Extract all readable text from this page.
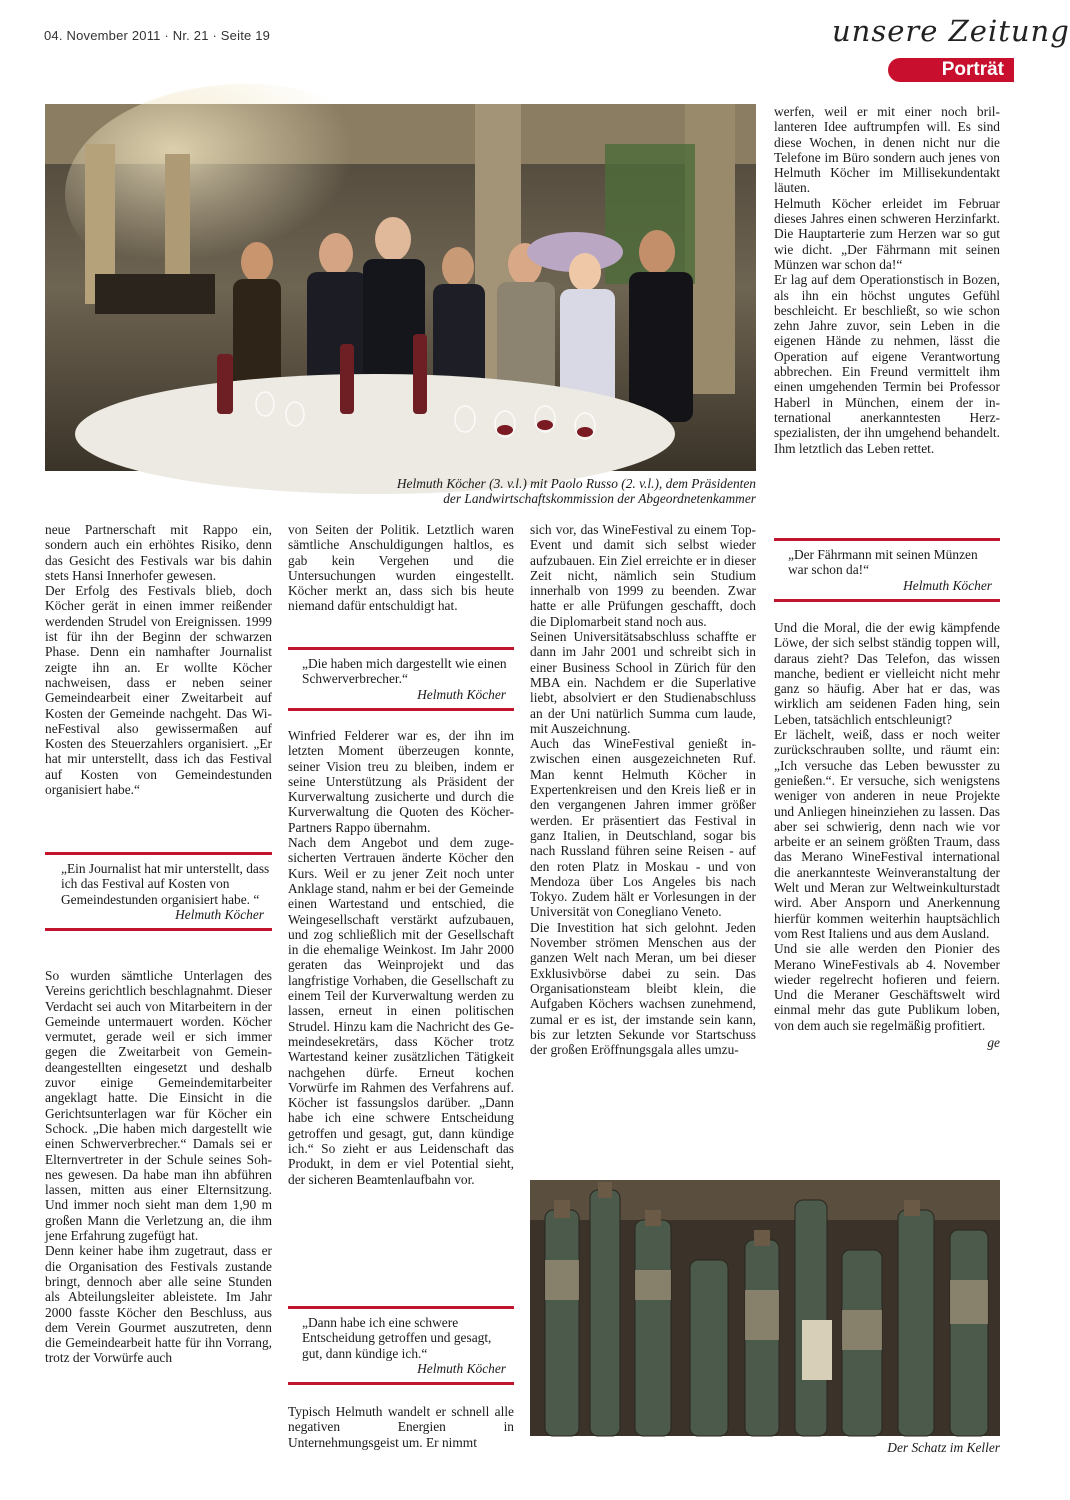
04. November 2011 · Nr. 21 · Seite 19	unsere Zeitung
Porträt
Helmuth Köcher (3. v.l.) mit Paolo Russo (2. v.l.), dem Präsidenten
der Landwirtschaftskommission der Abgeordnetenkammer

neue Partnerschaft mit Rappo ein, sondern auch ein erhöhtes Risiko, denn das Gesicht des Festivals war bis dahin stets Hansi Innerhofer gewesen.

Der Erfolg des Festivals blieb, doch Köcher gerät in einen immer reißender werdenden Strudel von Ereignissen. 1999 ist für ihn der Beginn der schwarzen Phase. Denn ein namhafter Journalist zeigte ihn an. Er wollte Köcher nachweisen, dass er neben seiner Gemeindearbeit einer Zweitarbeit auf Kosten der Gemeinde nachgeht. Das WineFestival also gewissermaßen auf Kosten des Steuerzahlers organisiert. „Er hat mir unterstellt, dass ich das Festival auf Kosten von Gemeindestunden organisiert habe.“

„Ein Journalist hat mir unterstellt, dass ich das Festival auf Kosten von Gemeindestunden organisiert habe. “
Helmuth Köcher

So wurden sämtliche Unterlagen des Vereins gerichtlich beschlagnahmt. Dieser Verdacht sei auch von Mitarbeitern in der Gemeinde untermauert worden. Köcher vermutet, gerade weil er sich immer gegen die Zweitarbeit von Gemeindeangestellten eingesetzt und deshalb zuvor einige Gemeindemitarbeiter angeklagt hatte. Die Einsicht in die Gerichtsunterlagen war für Köcher ein Schock. „Die haben mich dargestellt wie einen Schwerverbrecher.“ Damals sei er Elternvertreter in der Schule seines Sohnes gewesen. Da habe man ihn abführen lassen, mitten aus einer Elternsitzung. Und immer noch sieht man dem 1,90 m großen Mann die Verletzung an, die ihm jene Erfahrung zugefügt hat.

Denn keiner habe ihm zugetraut, dass er die Organisation des Festivals zustande bringt, dennoch aber alle seine Stunden als Abteilungsleiter ableistete. Im Jahr 2000 fasste Köcher den Beschluss, aus dem Verein Gourmet auszutreten, denn die Gemeindearbeit hatte für ihn Vorrang, trotz der Vorwürfe auch

von Seiten der Politik. Letztlich waren sämtliche Anschuldigungen haltlos, es gab kein Vergehen und die Untersuchungen wurden eingestellt. Köcher merkt an, dass sich bis heute niemand dafür entschuldigt hat.

„Die haben mich dargestellt wie einen Schwerverbrecher.“
Helmuth Köcher

Winfried Felderer war es, der ihn im letzten Moment überzeugen konnte, seiner Vision treu zu bleiben, indem er seine Unterstützung als Präsident der Kurverwaltung zusicherte und durch die Kurverwaltung die Quoten des Köcher-Partners Rappo übernahm.

Nach dem Angebot und dem zugesicherten Vertrauen änderte Köcher den Kurs. Weil er zu jener Zeit noch unter Anklage stand, nahm er bei der Gemeinde einen Wartestand und entschied, die Weingesellschaft verstärkt aufzubauen, und zog schließlich mit der Gesellschaft in die ehemalige Weinkost. Im Jahr 2000 geraten das Weinprojekt und das langfristige Vorhaben, die Gesellschaft zu einem Teil der Kurverwaltung werden zu lassen, erneut in einen politischen Strudel. Hinzu kam die Nachricht des Gemeindesekretärs, dass Köcher trotz Wartestand keiner zusätzlichen Tätigkeit nachgehen dürfe. Erneut kochen Vorwürfe im Rahmen des Verfahrens auf. Köcher ist fassungslos darüber. „Dann habe ich eine schwere Entscheidung getroffen und gesagt, gut, dann kündige ich.“ So zieht er aus Leidenschaft das Produkt, in dem er viel Potential sieht, der sicheren Beamtenlaufbahn vor.

„Dann habe ich eine schwere Entscheidung getroffen und gesagt, gut, dann kündige ich.“
Helmuth Köcher

Typisch Helmuth wandelt er schnell alle negativen Energien in Unternehmungsgeist um. Er nimmt

sich vor, das WineFestival zu einem Top-Event und damit sich selbst wieder aufzubauen. Ein Ziel erreichte er in dieser Zeit nicht, nämlich sein Studium innerhalb von 1999 zu beenden. Zwar hatte er alle Prüfungen geschafft, doch die Diplomarbeit stand noch aus.

Seinen Universitätsabschluss schaffte er dann im Jahr 2001 und schreibt sich in einer Business School in Zürich für den MBA ein. Nachdem er die Superlative liebt, absolviert er den Studienabschluss an der Uni natürlich Summa cum laude, mit Auszeichnung.

Auch das WineFestival genießt inzwischen einen ausgezeichneten Ruf. Man kennt Helmuth Köcher in Expertenkreisen und den Kreis ließ er in den vergangenen Jahren immer größer werden. Er präsentiert das Festival in ganz Italien, in Deutschland, sogar bis nach Russland führen seine Reisen - auf den roten Platz in Moskau - und von Mendoza über Los Angeles bis nach Tokyo. Zudem hält er Vorlesungen in der Universität von Conegliano Veneto.

Die Investition hat sich gelohnt. Jeden November strömen Menschen aus der ganzen Welt nach Meran, um bei dieser Exklusivbörse dabei zu sein. Das Organisationsteam bleibt klein, die Aufgaben Köchers wachsen zunehmend, zumal er es ist, der imstande sein kann, bis zur letzten Sekunde vor Startschuss der großen Eröffnungsgala alles umzu-

werfen, weil er mit einer noch brillanteren Idee auftrumpfen will. Es sind diese Wochen, in denen nicht nur die Telefone im Büro sondern auch jenes von Helmuth Köcher im Millisekundentakt läuten.

Helmuth Köcher erleidet im Februar dieses Jahres einen schweren Herzinfarkt. Die Hauptarterie zum Herzen war so gut wie dicht. „Der Fährmann mit seinen Münzen war schon da!“

Er lag auf dem Operationstisch in Bozen, als ihn ein höchst ungutes Gefühl beschleicht. Er beschließt, so wie schon zehn Jahre zuvor, sein Leben in die eigenen Hände zu nehmen, lässt die Operation auf eigene Verantwortung abbrechen. Ein Freund vermittelt ihm einen umgehenden Termin bei Professor Haberl in München, einem der international anerkanntesten Herzspezialisten, der ihn umgehend behandelt. Ihm letztlich das Leben rettet.

„Der Fährmann mit seinen Münzen war schon da!“
Helmuth Köcher

Und die Moral, die der ewig kämpfende Löwe, der sich selbst ständig toppen will, daraus zieht? Das Telefon, das wissen manche, bedient er vielleicht nicht mehr ganz so häufig. Aber hat er das, was wirklich am seidenen Faden hing, sein Leben, tatsächlich entschleunigt?

Er lächelt, weiß, dass er noch weiter zurückschrauben sollte, und räumt ein: „Ich versuche das Leben bewusster zu genießen.“. Er versuche, sich wenigstens weniger von anderen in neue Projekte und Anliegen hineinziehen zu lassen. Das aber sei schwierig, denn nach wie vor arbeite er an seinem größten Traum, dass das Merano WineFestival international die anerkannteste Weinveranstaltung der Welt und Meran zur Weltweinkulturstadt wird. Aber Ansporn und Anerkennung hierfür kommen weiterhin hauptsächlich vom Rest Italiens und aus dem Ausland.

Und sie alle werden den Pionier des Merano WineFestivals ab 4. November wieder regelrecht hofieren und feiern. Und die Meraner Geschäftswelt wird einmal mehr das gute Publikum loben, von dem auch sie regelmäßig profitiert.

ge

Der Schatz im Keller
